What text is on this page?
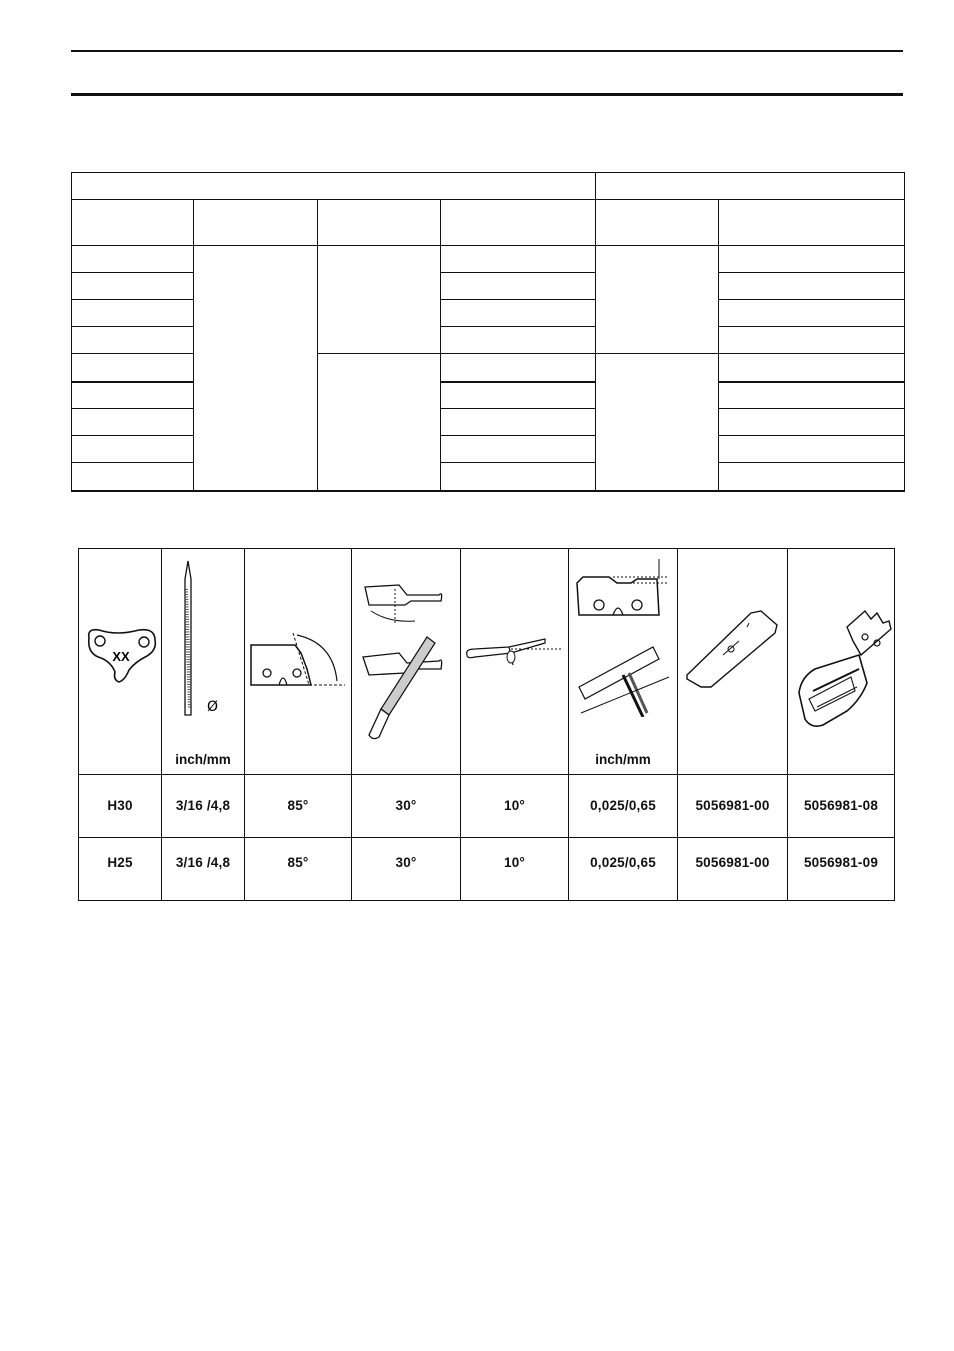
XX
Ø
inch/mm	inch/mm
H30	3/16 /4,8	85°	30°	10°	0,025/0,65	5056981-00	5056981-08
H25	3/16 /4,8	85°	30°	10°	0,025/0,65	5056981-00	5056981-09
